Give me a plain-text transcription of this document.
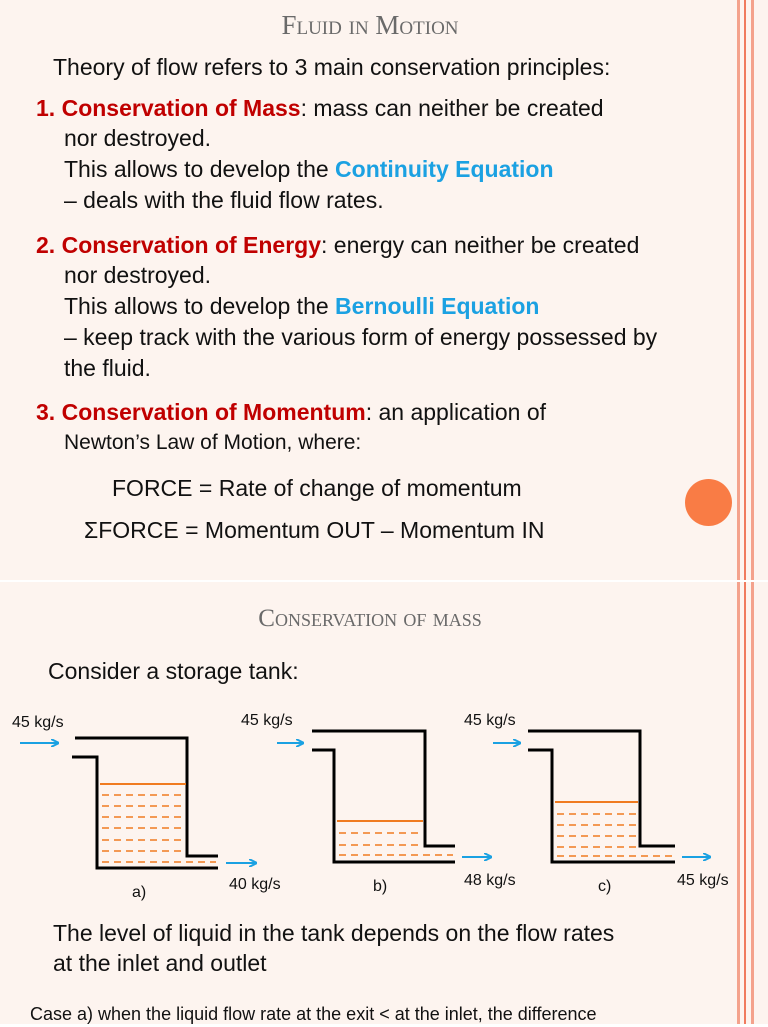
Fluid in Motion
Theory of flow refers to 3 main conservation principles:
1. Conservation of Mass: mass can neither be created
nor destroyed.
This allows to develop the Continuity Equation
– deals with the fluid flow rates.
2. Conservation of Energy: energy can neither be created
nor destroyed.
This allows to develop the Bernoulli Equation
– keep track with the various form of energy possessed by
the fluid.
3. Conservation of Momentum: an application of
Newton’s Law of Motion, where:
FORCE = Rate of change of momentum
ΣFORCE = Momentum OUT – Momentum IN
Conservation of mass
Consider a storage tank:
45 kg/s
40 kg/s
a)
45 kg/s
48 kg/s
b)
45 kg/s
45 kg/s
c)
The level of liquid in the tank depends on the flow rates
at the inlet and outlet
Case a) when the liquid flow rate at the exit < at the inlet, the difference
